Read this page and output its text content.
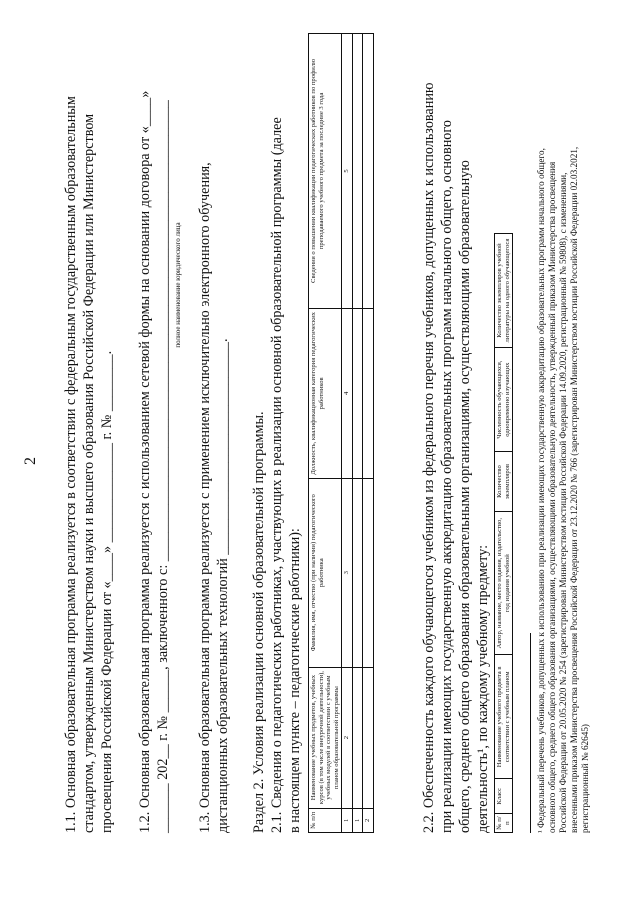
2 1.1. Основная образовательная программа реализуется в соответствии с федеральным государственным образовательным стандартом, утвержденным Министерством науки и высшего образования Российской Федерации или Министерством просвещения Российской Федерации от «____» ______________ г. № ________. 1.2. Основная образовательная программа реализуется с использованием сетевой формы на основании договора от «____» _______ 202__ г. № ______, заключенного с: _________________________________________________________________ полное наименование юридического лица 1.3. Основная образовательная программа реализуется с применением исключительно электронного обучения, дистанционных образовательных технологий ______________________________. Раздел 2. Условия реализации основной образовательной программы. 2.1. Сведения о педагогических работниках, участвующих в реализации основной образовательной программы (далее в настоящем пункте – педагогические работники): № п/п	Наименование учебных предметов, учебных курсов (в том числе внеурочной деятельности), учебных модулей в соответствии с учебным планом образовательной программы	Фамилия, имя, отчество (при наличии) педагогического работника	Должность, квалификационная категория педагогических работников	Сведения о повышении квалификации педагогических работников по профилю преподаваемого учебного предмета за последние 3 года
1	2	3	4	5
1				
2					2.2. Обеспеченность каждого обучающегося учебником из федерального перечня учебников, допущенных к использованию при реализации имеющих государственную аккредитацию образовательных программ начального общего, основного общего, среднего общего образования образовательными организациями, осуществляющими образовательную деятельность¹, по каждому учебному предмету: № п/п	Класс	Наименование учебного предмета в соответствии с учебным планом	Автор, название, место издания, издательство, год издания учебной	Количество экземпляров	Численность обучающихся, одновременно изучающих	Количество экземпляров учебной литературы на одного обучающегося	¹ Федеральный перечень учебников, допущенных к использованию при реализации имеющих государственную аккредитацию образовательных программ начального общего, основного общего, среднего общего образования организациями, осуществляющими образовательную деятельность, утвержденный приказом Министерства просвещения Российской Федерации от 20.05.2020 № 254 (зарегистрирован Министерством юстиции Российской Федерации 14.09.2020, регистрационный № 59808), с изменениями, внесенными приказом Министерства просвещения Российской Федерации от 23.12.2020 № 766 (зарегистрирован Министерством юстиции Российской Федерации 02.03.2021, регистрационный № 62645)
